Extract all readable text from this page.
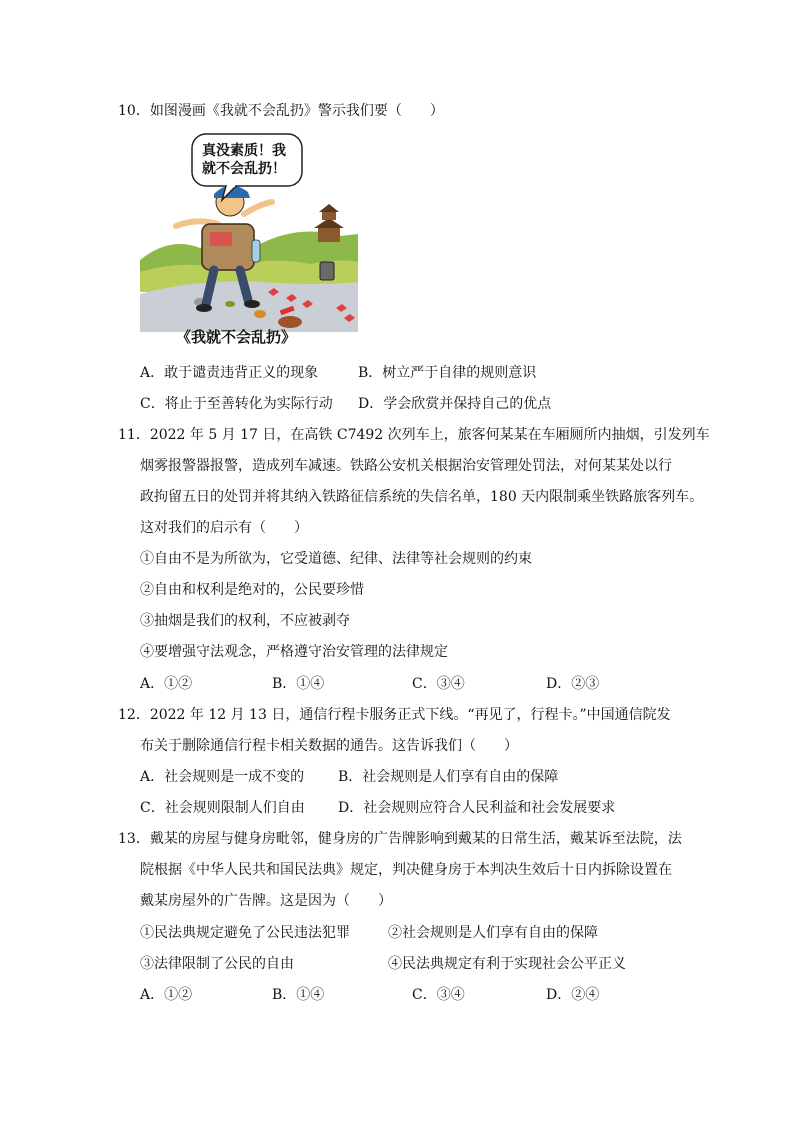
10．如图漫画《我就不会乱扔》警示我们要（　　）
真没素质！我
就不会乱扔！
《我就不会乱扔》
A．敢于谴责违背正义的现象	B．树立严于自律的规则意识
C．将止于至善转化为实际行动 D．学会欣赏并保持自己的优点
11．2022 年 5 月 17 日，在高铁 C7492 次列车上，旅客何某某在车厢厕所内抽烟，引发列车
烟雾报警器报警，造成列车减速。铁路公安机关根据治安管理处罚法，对何某某处以行
政拘留五日的处罚并将其纳入铁路征信系统的失信名单，180 天内限制乘坐铁路旅客列车。
这对我们的启示有（　　）
①自由不是为所欲为，它受道德、纪律、法律等社会规则的约束
②自由和权利是绝对的，公民要珍惜
③抽烟是我们的权利，不应被剥夺
④要增强守法观念，严格遵守治安管理的法律规定
A．①②	B．①④	C．③④	D．②③
12．2022 年 12 月 13 日，通信行程卡服务正式下线。“再见了，行程卡。”中国通信院发
布关于删除通信行程卡相关数据的通告。这告诉我们（　　）
A．社会规则是一成不变的 B．社会规则是人们享有自由的保障
C．社会规则限制人们自由 D．社会规则应符合人民利益和社会发展要求
13．戴某的房屋与健身房毗邻，健身房的广告牌影响到戴某的日常生活，戴某诉至法院，法
院根据《中华人民共和国民法典》规定，判决健身房于本判决生效后十日内拆除设置在
戴某房屋外的广告牌。这是因为（　　）
①民法典规定避免了公民违法犯罪	②社会规则是人们享有自由的保障
③法律限制了公民的自由	④民法典规定有利于实现社会公平正义
A．①②	B．①④	C．③④	D．②④
